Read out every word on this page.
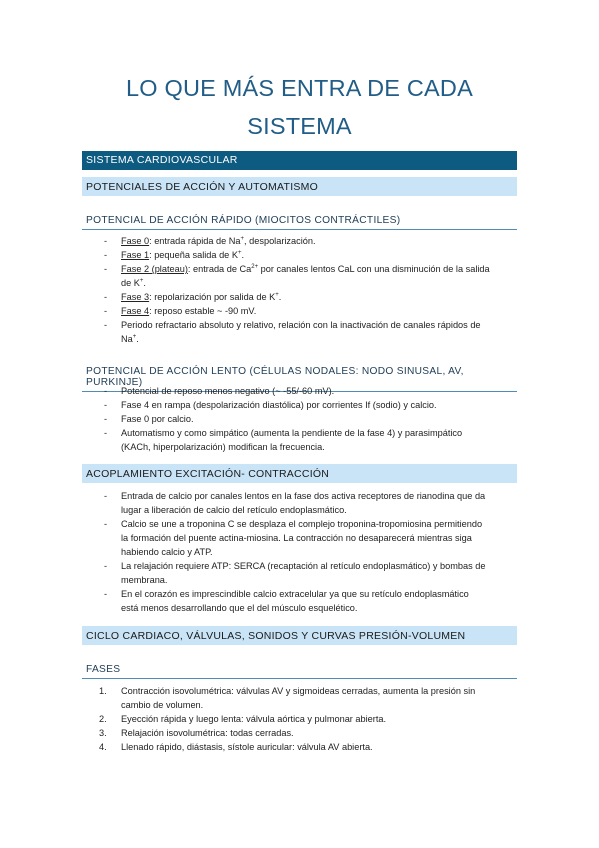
LO QUE MÁS ENTRA DE CADA
SISTEMA
SISTEMA CARDIOVASCULAR
POTENCIALES DE ACCIÓN Y AUTOMATISMO
POTENCIAL DE ACCIÓN RÁPIDO (MIOCITOS CONTRÁCTILES)
- Fase 0: entrada rápida de Na+, despolarización.
- Fase 1: pequeña salida de K+.
- Fase 2 (plateau): entrada de $Ca^{2+}$ por canales lentos CaL con una disminución de la salida
de K+.
- Fase 3: repolarización por salida de K+.
- Fase 4: reposo estable ~ -90 mV.
- Periodo refractario absoluto y relativo, relación con la inactivación de canales rápidos de
Na+.
POTENCIAL DE ACCIÓN LENTO (CÉLULAS NODALES: NODO SINUSAL, AV, PURKINJE)
- Potencial de reposo menos negativo (~ -55/-60 mV).
- Fase 4 en rampa (despolarización diastólica) por corrientes If (sodio) y calcio.
- Fase 0 por calcio.
- Automatismo y como simpático (aumenta la pendiente de la fase 4) y parasimpático
(KACh, hiperpolarización) modifican la frecuencia.
ACOPLAMIENTO EXCITACIÓN- CONTRACCIÓN
- Entrada de calcio por canales lentos en la fase dos activa receptores de rianodina que da
lugar a liberación de calcio del retículo endoplasmático.
- Calcio se une a troponina C se desplaza el complejo troponina-tropomiosina permitiendo
la formación del puente actina-miosina. La contracción no desaparecerá mientras siga
habiendo calcio y ATP.
- La relajación requiere ATP: SERCA (recaptación al retículo endoplasmático) y bombas de
membrana.
- En el corazón es imprescindible calcio extracelular ya que su retículo endoplasmático
está menos desarrollando que el del músculo esquelético.
CICLO CARDIACO, VÁLVULAS, SONIDOS Y CURVAS PRESIÓN-VOLUMEN
FASES
1. Contracción isovolumétrica: válvulas AV y sigmoideas cerradas, aumenta la presión sin
cambio de volumen.
2. Eyección rápida y luego lenta: válvula aórtica y pulmonar abierta.
3. Relajación isovolumétrica: todas cerradas.
4. Llenado rápido, diástasis, sístole auricular: válvula AV abierta.
